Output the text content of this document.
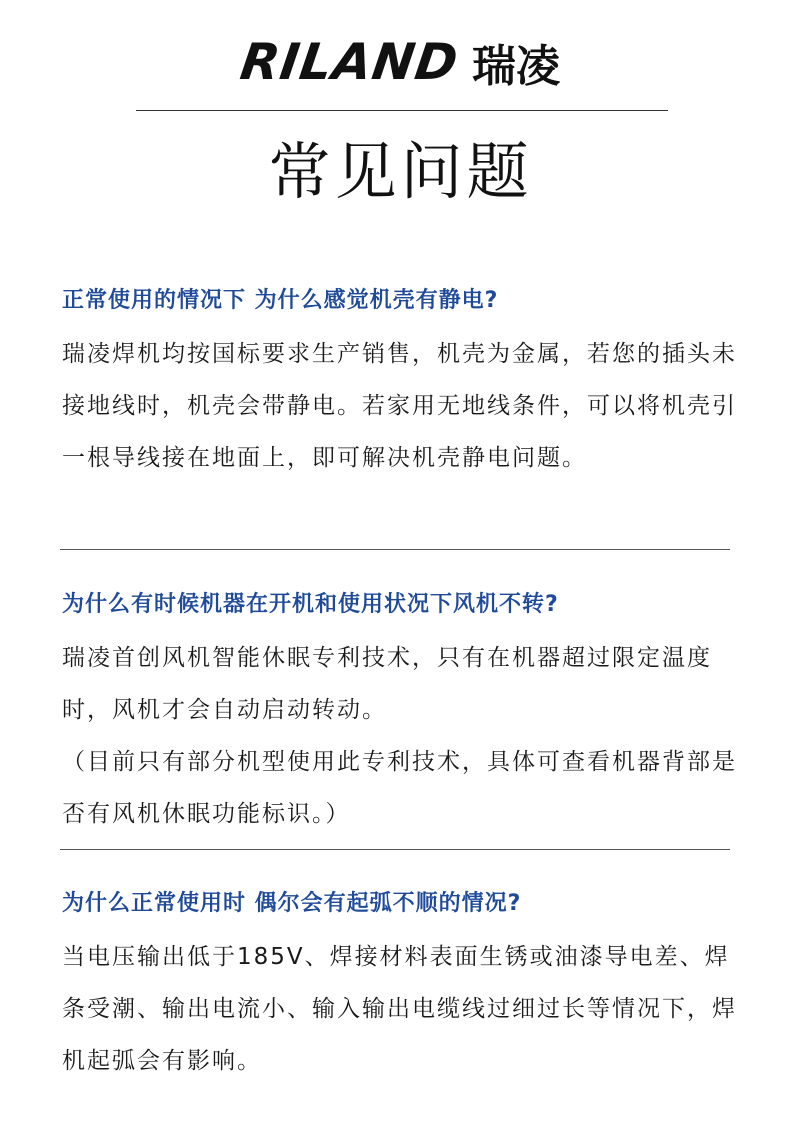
RILAND 瑞凌
常见问题
正常使用的情况下 为什么感觉机壳有静电?

瑞凌焊机均按国标要求生产销售，机壳为金属，若您的插头未接地线时，机壳会带静电。若家用无地线条件，可以将机壳引一根导线接在地面上，即可解决机壳静电问题。

为什么有时候机器在开机和使用状况下风机不转?

瑞凌首创风机智能休眠专利技术，只有在机器超过限定温度时，风机才会自动启动转动。

（目前只有部分机型使用此专利技术，具体可查看机器背部是否有风机休眠功能标识。）

为什么正常使用时 偶尔会有起弧不顺的情况?

当电压输出低于185V、焊接材料表面生锈或油漆导电差、焊条受潮、输出电流小、输入输出电缆线过细过长等情况下，焊机起弧会有影响。
